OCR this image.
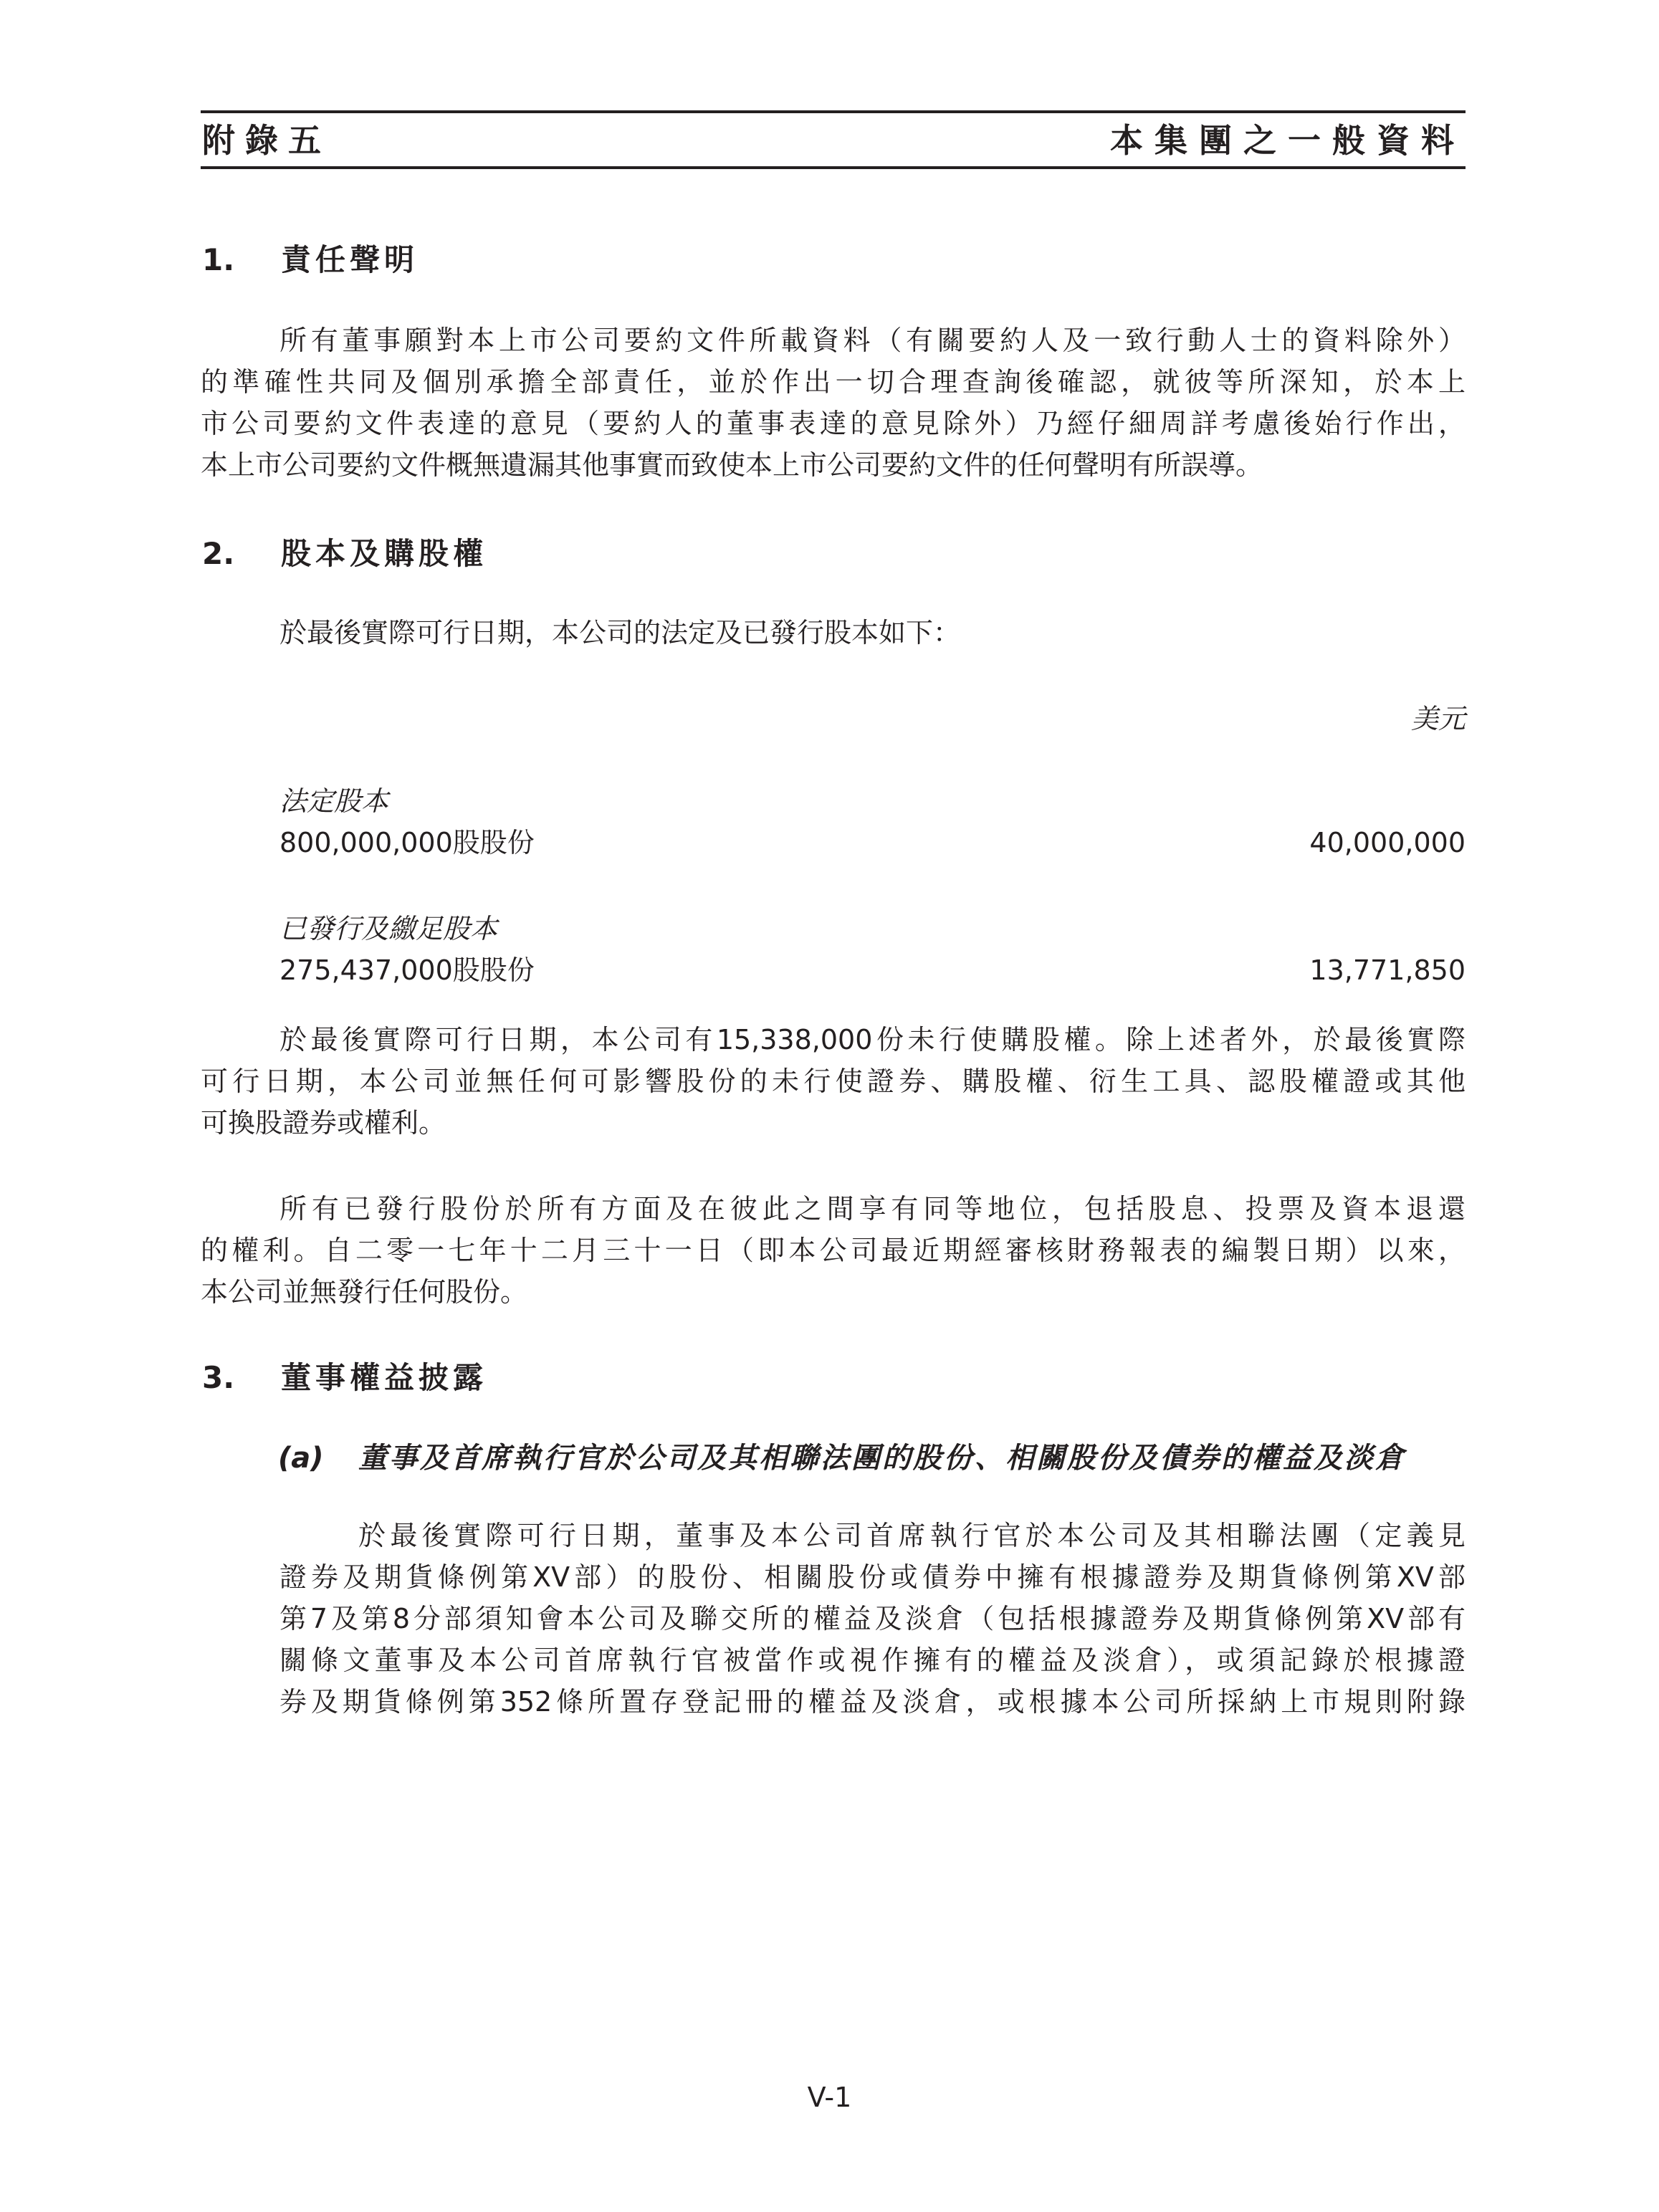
附錄五	本集團之一般資料
1. 責任聲明
所有董事願對本上市公司要約文件所載資料（有關要約人及一致行動人士的資料除外）
的準確性共同及個別承擔全部責任，並於作出一切合理查詢後確認，就彼等所深知，於本上
市公司要約文件表達的意見（要約人的董事表達的意見除外）乃經仔細周詳考慮後始行作出，
本上市公司要約文件概無遺漏其他事實而致使本上市公司要約文件的任何聲明有所誤導。
2. 股本及購股權
於最後實際可行日期，本公司的法定及已發行股本如下：
美元
法定股本
800,000,000股股份	40,000,000
已發行及繳足股本
275,437,000股股份	13,771,850
於最後實際可行日期，本公司有15,338,000份未行使購股權。除上述者外，於最後實際
可行日期，本公司並無任何可影響股份的未行使證券、購股權、衍生工具、認股權證或其他
可換股證券或權利。
所有已發行股份於所有方面及在彼此之間享有同等地位，包括股息、投票及資本退還
的權利。自二零一七年十二月三十一日（即本公司最近期經審核財務報表的編製日期）以來，
本公司並無發行任何股份。
3. 董事權益披露
(a) 董事及首席執行官於公司及其相聯法團的股份、相關股份及債券的權益及淡倉
於最後實際可行日期，董事及本公司首席執行官於本公司及其相聯法團（定義見
證券及期貨條例第XV部）的股份、相關股份或債券中擁有根據證券及期貨條例第XV部
第7及第8分部須知會本公司及聯交所的權益及淡倉（包括根據證券及期貨條例第XV部有
關條文董事及本公司首席執行官被當作或視作擁有的權益及淡倉），或須記錄於根據證
券及期貨條例第352條所置存登記冊的權益及淡倉，或根據本公司所採納上市規則附錄
V-1
